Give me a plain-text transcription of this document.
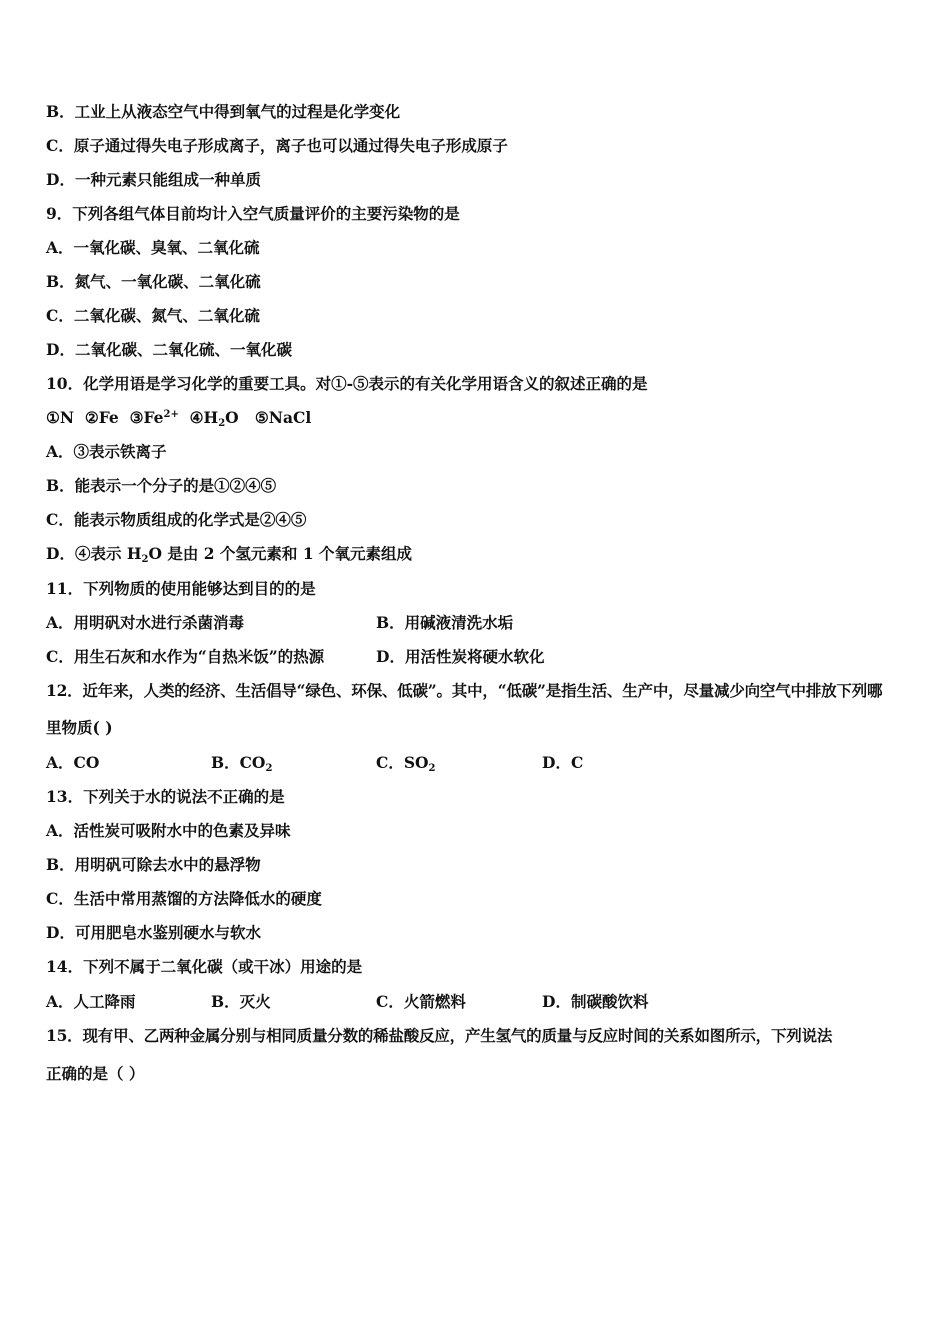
B．工业上从液态空气中得到氧气的过程是化学变化
C．原子通过得失电子形成离子，离子也可以通过得失电子形成原子
D．一种元素只能组成一种单质
9．下列各组气体目前均计入空气质量评价的主要污染物的是
A．一氧化碳、臭氧、二氧化硫
B．氮气、一氧化碳、二氧化硫
C．二氧化碳、氮气、二氧化硫
D．二氧化碳、二氧化硫、一氧化碳
10．化学用语是学习化学的重要工具。对①-⑤表示的有关化学用语含义的叙述正确的是
①N ②Fe $③Fe^{2+}$ $④H_2O$ ⑤NaCl
A．③表示铁离子
B．能表示一个分子的是①②④⑤
C．能表示物质组成的化学式是②④⑤
D．④表示 $H_2O$ 是由 2 个氢元素和 1 个氧元素组成
11．下列物质的使用能够达到目的的是
A．用明矾对水进行杀菌消毒	B．用碱液清洗水垢
C．用生石灰和水作为“自热米饭”的热源	D．用活性炭将硬水软化
12．近年来，人类的经济、生活倡导“绿色、环保、低碳”。其中，“低碳”是指生活、生产中，尽量减少向空气中排放下列哪
里物质( )
A．CO	B．$CO_2$	C．$SO_2$	D．C
13．下列关于水的说法不正确的是
A．活性炭可吸附水中的色素及异味
B．用明矾可除去水中的悬浮物
C．生活中常用蒸馏的方法降低水的硬度
D．可用肥皂水鉴别硬水与软水
14．下列不属于二氧化碳（或干冰）用途的是
A．人工降雨	B．灭火	C．火箭燃料	D．制碳酸饮料
15．现有甲、乙两种金属分别与相同质量分数的稀盐酸反应，产生氢气的质量与反应时间的关系如图所示，下列说法
正确的是（ ）
